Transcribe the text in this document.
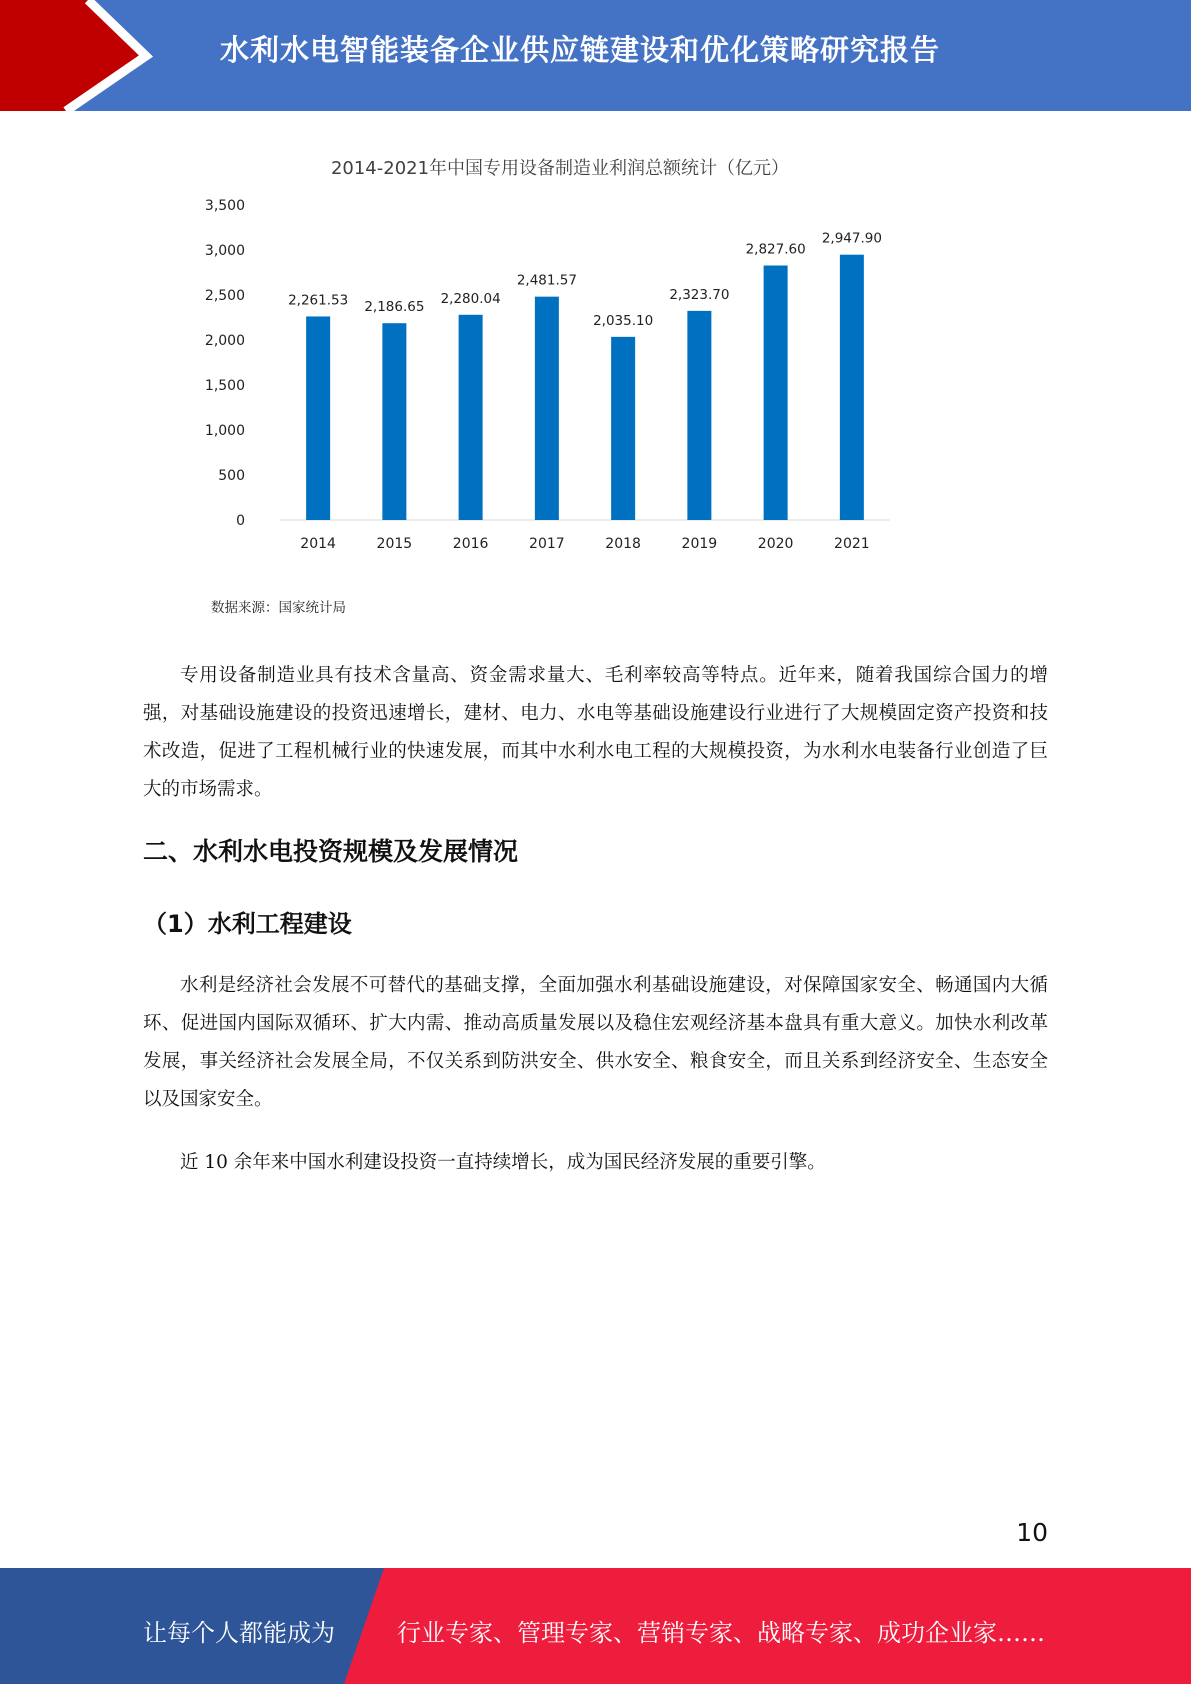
水利水电智能装备企业供应链建设和优化策略研究报告
2014-2021年中国专用设备制造业利润总额统计（亿元）
0
500
1,000
1,500
2,000
2,500
3,000
3,500
2,261.53 2,186.65
2,280.04
2,481.57
2,035.10
2,323.70
2,827.60
2,947.90
2014	2015	2016	2017	2018	2019	2020	2021
数据来源：国家统计局

专用设备制造业具有技术含量高、资金需求量大、毛利率较高等特点。近年来，随着我国综合国力的增强，对基础设施建设的投资迅速增长，建材、电力、水电等基础设施建设行业进行了大规模固定资产投资和技术改造，促进了工程机械行业的快速发展，而其中水利水电工程的大规模投资，为水利水电装备行业创造了巨大的市场需求。

二、水利水电投资规模及发展情况
（1）水利工程建设

水利是经济社会发展不可替代的基础支撑，全面加强水利基础设施建设，对保障国家安全、畅通国内大循环、促进国内国际双循环、扩大内需、推动高质量发展以及稳住宏观经济基本盘具有重大意义。加快水利改革发展，事关经济社会发展全局，不仅关系到防洪安全、供水安全、粮食安全，而且关系到经济安全、生态安全以及国家安全。

近 10 余年来中国水利建设投资一直持续增长，成为国民经济发展的重要引擎。

10
让每个人都能成为	行业专家、管理专家、营销专家、战略专家、成功企业家……
